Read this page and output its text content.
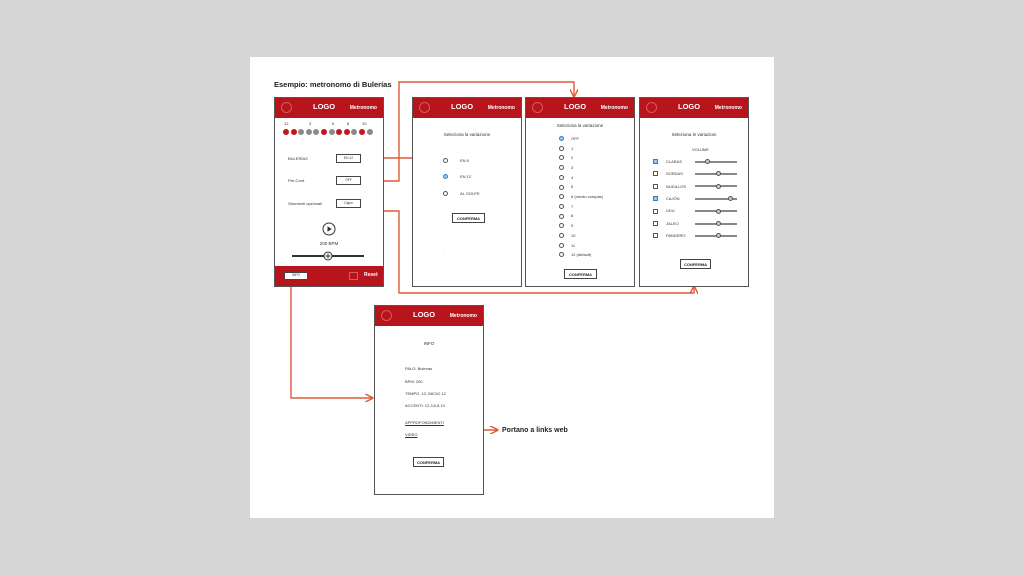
Esempio: metronomo di Bulerías
LOGO	Metronomo
12	3	6	8	10
BULERÍAS	EN 12
Pre-Cont.	OFF
Strumenti opzionali	Cajón
200 BPM
INFO	Reset
LOGO	Metronomo
Seleziona la variazione
EN 6
EN 12
AL GOLPE
CONFERMA
-
LOGO	Metronomo
Seleziona la variazione
OFF
1
2
3
4
5
6 (medio compás)
7
8
9
10
11
12 (default)
CONFERMA
LOGO	Metronomo
Seleziona le variazioni
VOLUME
CLARAS
SORDAS
NUDILLOS
CAJÓN
UDU
JALEO
PANDERO
CONFERMA
LOGO	Metronomo
INFO
PALO: Bulerías
BPM: 200
TEMPO: 12; INICIO 12
ACCENTI: 12,3,6,8,10
APPROFONDIMENTI
VIDEO
CONFERMA
Portano a links web
